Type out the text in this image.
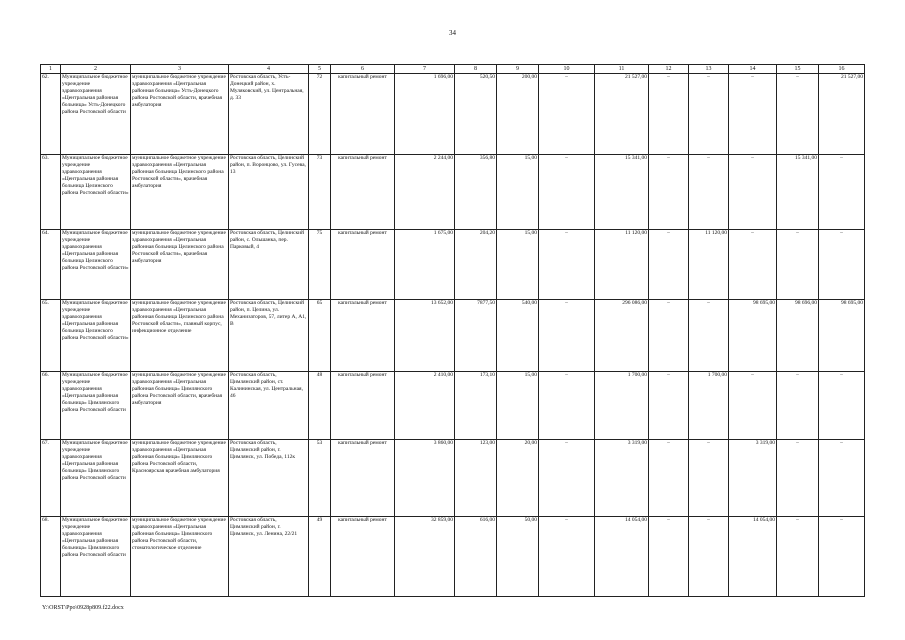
34
1	2	3	4	5	6	7	8	9	10	11	12	13	14	15	16
62.	Муниципальное бюджетное учреждение здравоохранения «Центральная районная больница» Усть-Донецкого района Ростовской области	муниципальное бюджетное учреждение здравоохранения «Центральная районная больница» Усть-Донецкого района Ростовской области, врачебная амбулатория	Ростовская область, Усть-Донецкий район, х. Муляковский, ул. Центральная, д. 33	72	капитальный ремонт	1 696,00	520,50	200,00	–	21 527,00	–	–	–	–	21 527,00
63.	Муниципальное бюджетное учреждение здравоохранения «Центральная районная больница Целинского района Ростовской области»	муниципальное бюджетное учреждение здравоохранения «Центральная районная больница Целинского района Ростовской области», врачебная амбулатория	Ростовская область, Целинский район, п. Воронцово, ул. Гусева, 13	73	капитальный ремонт	2 244,00	356,80	15,00	–	15 341,00	–	–	–	15 341,00	–
64.	Муниципальное бюджетное учреждение здравоохранения «Центральная районная больница Целинского района Ростовской области»	муниципальное бюджетное учреждение здравоохранения «Центральная районная больница Целинского района Ростовской области», врачебная амбулатория	Ростовская область, Целинский район, с. Ольшанка, пер. Парковый, 4	75	капитальный ремонт	1 675,00	204,20	15,00	–	11 120,00	–	11 120,00	–	–	–
65.	Муниципальное бюджетное учреждение здравоохранения «Центральная районная больница Целинского района Ростовской области»	муниципальное бюджетное учреждение здравоохранения «Центральная районная больница Целинского района Ростовской области», главный корпус, инфекционное отделение	Ростовская область, Целинский район, п. Целина, ул. Механизаторов, 57, литер А, А1, В	65	капитальный ремонт	13 652,00	7877,50	540,00	–	296 086,00	–	–	98 695,00	98 696,00	98 695,00
66.	Муниципальное бюджетное учреждение здравоохранения «Центральная районная больница» Цимлянского района Ростовской области	муниципальное бюджетное учреждение здравоохранения «Центральная районная больница» Цимлянского района Ростовской области, врачебная амбулатория	Ростовская область, Цимлянский район, ст. Калининская, ул. Центральная, 46	48	капитальный ремонт	2 410,00	173,10	15,00	–	1 700,00	–	1 700,00	–	–	–
67.	Муниципальное бюджетное учреждение здравоохранения «Центральная районная больница» Цимлянского района Ростовской области	муниципальное бюджетное учреждение здравоохранения «Центральная районная больница» Цимлянского района Ростовской области, Красноярская врачебная амбулатория	Ростовская область, Цимлянский район, г. Цимлянск, ул. Победа, 112к	53	капитальный ремонт	3 860,00	123,00	20,00	–	3 319,00	–	–	3 319,00	–	–
68.	Муниципальное бюджетное учреждение здравоохранения «Центральная районная больница» Цимлянского района Ростовской области	муниципальное бюджетное учреждение здравоохранения «Центральная районная больница» Цимлянского района Ростовской области, стоматологическое отделение	Ростовская область, Цимлянский район, г. Цимлянск, ул. Ленина, 22/21	49	капитальный ремонт	32 859,00	616,00	50,00	–	14 054,00	–	–	14 054,00	–	–
Y:\ORST\Ppo\0928p809.f22.docx
